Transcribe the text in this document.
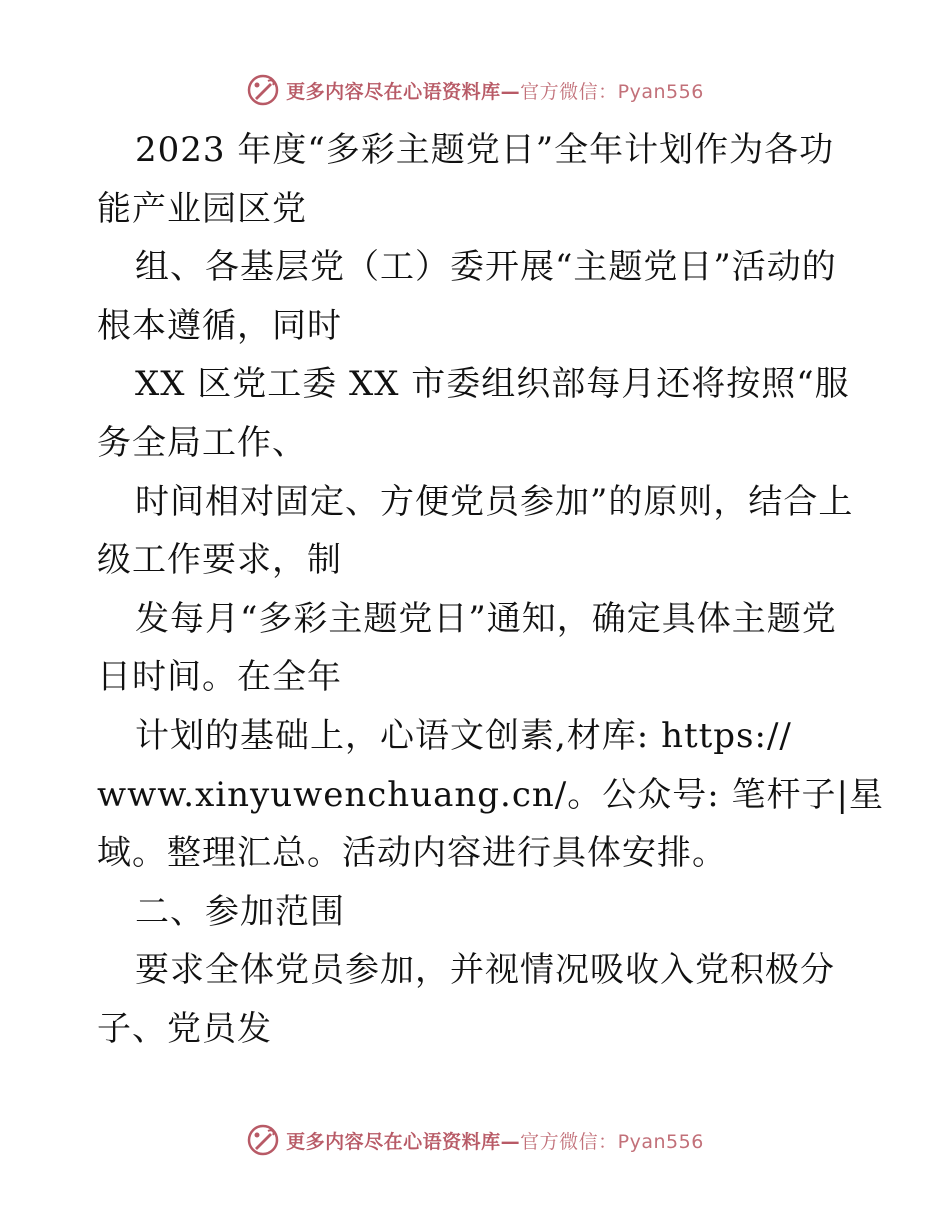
更多内容尽在心语资料库—官方微信：Pyan556
2023 年度“多彩主题党日”全年计划作为各功
能产业园区党
组、各基层党（工）委开展“主题党日”活动的
根本遵循，同时
XX 区党工委 XX 市委组织部每月还将按照“服
务全局工作、
时间相对固定、方便党员参加”的原则，结合上
级工作要求，制
发每月“多彩主题党日”通知，确定具体主题党
日时间。在全年
计划的基础上，心语文创素,材库: https://
www.xinyuwenchuang.cn/。公众号: 笔杆子|星
域。整理汇总。活动内容进行具体安排。
二、参加范围
要求全体党员参加，并视情况吸收入党积极分
子、党员发
更多内容尽在心语资料库—官方微信：Pyan556
